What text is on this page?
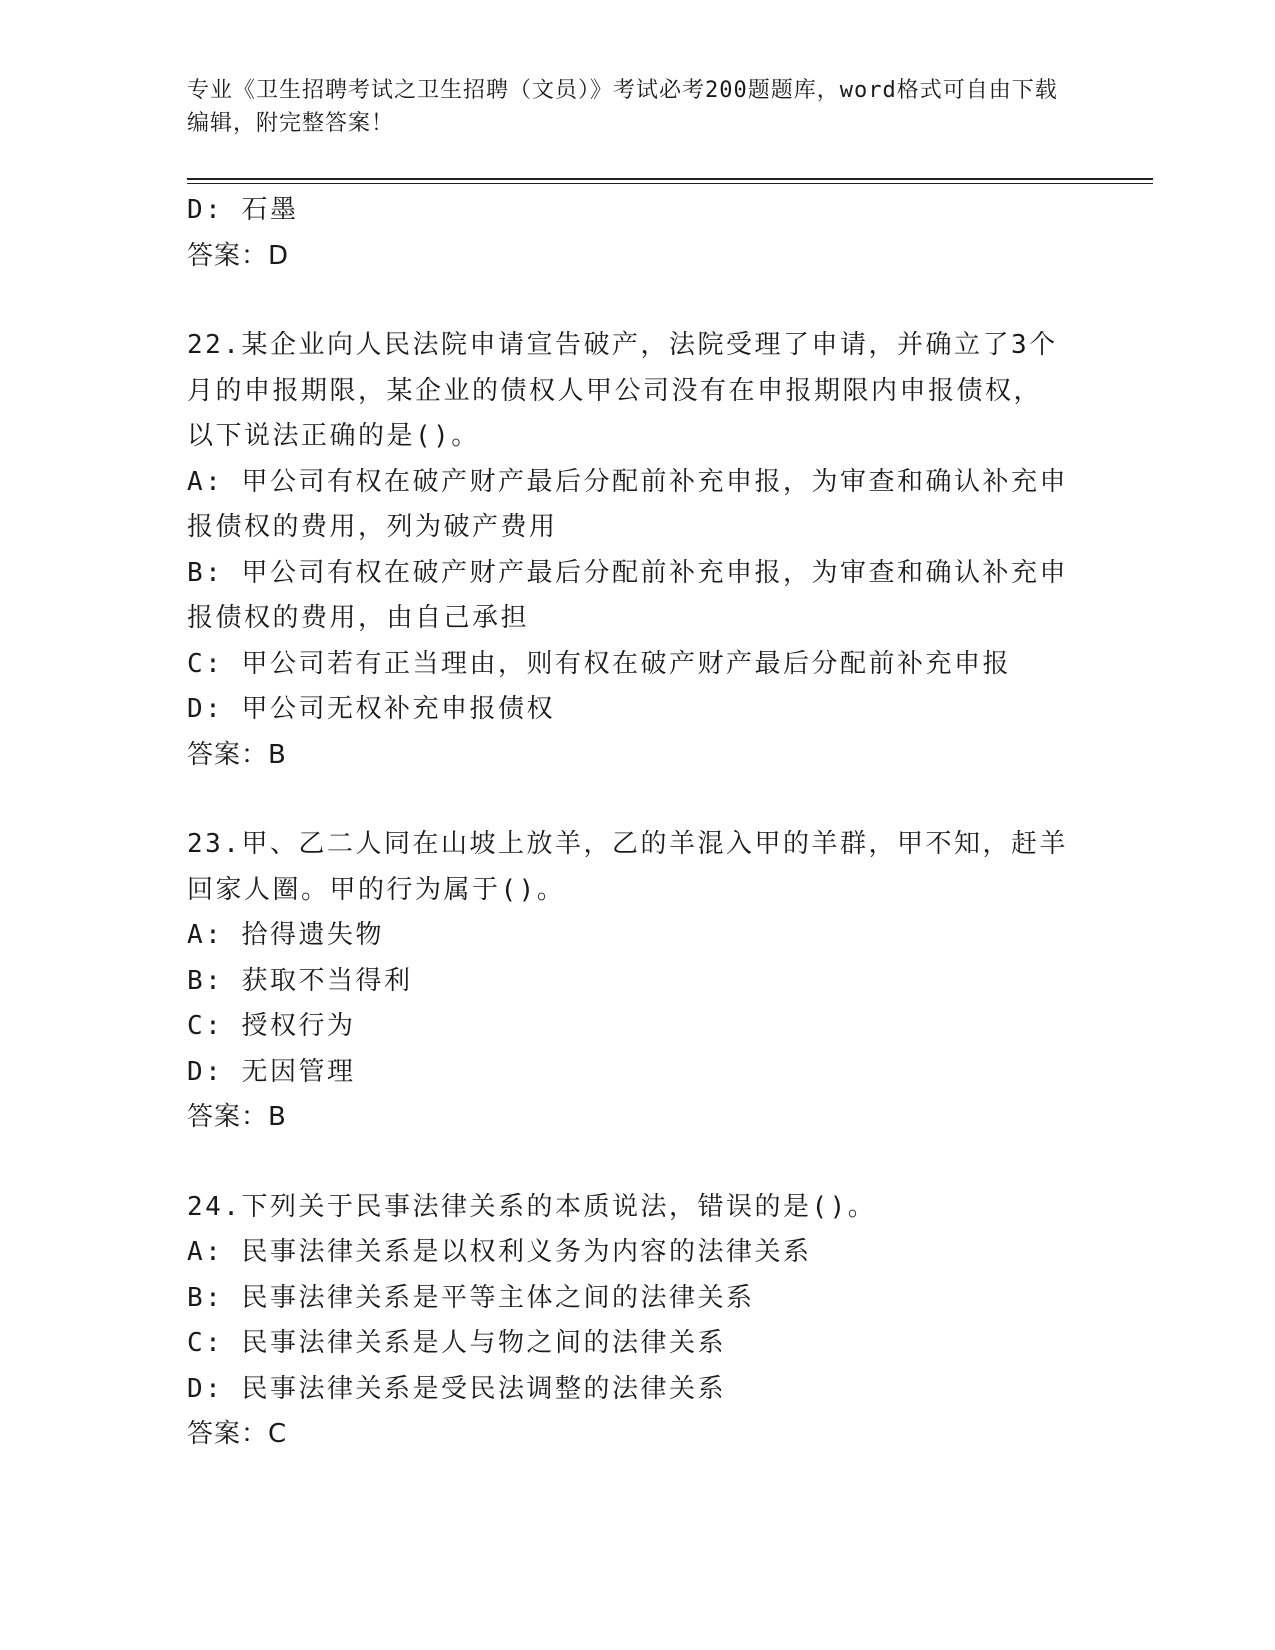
专业《卫生招聘考试之卫生招聘（文员）》考试必考200题题库，word格式可自由下载编辑，附完整答案！
D: 石墨
答案：D
22.某企业向人民法院申请宣告破产，法院受理了申请，并确立了3个
月的申报期限，某企业的债权人甲公司没有在申报期限内申报债权，
以下说法正确的是()。
A: 甲公司有权在破产财产最后分配前补充申报，为审查和确认补充申
报债权的费用，列为破产费用
B: 甲公司有权在破产财产最后分配前补充申报，为审查和确认补充申
报债权的费用，由自己承担
C: 甲公司若有正当理由，则有权在破产财产最后分配前补充申报
D: 甲公司无权补充申报债权
答案：B
23.甲、乙二人同在山坡上放羊，乙的羊混入甲的羊群，甲不知，赶羊
回家人圈。甲的行为属于()。
A: 拾得遗失物
B: 获取不当得利
C: 授权行为
D: 无因管理
答案：B
24.下列关于民事法律关系的本质说法，错误的是()。
A: 民事法律关系是以权利义务为内容的法律关系
B: 民事法律关系是平等主体之间的法律关系
C: 民事法律关系是人与物之间的法律关系
D: 民事法律关系是受民法调整的法律关系
答案：C
